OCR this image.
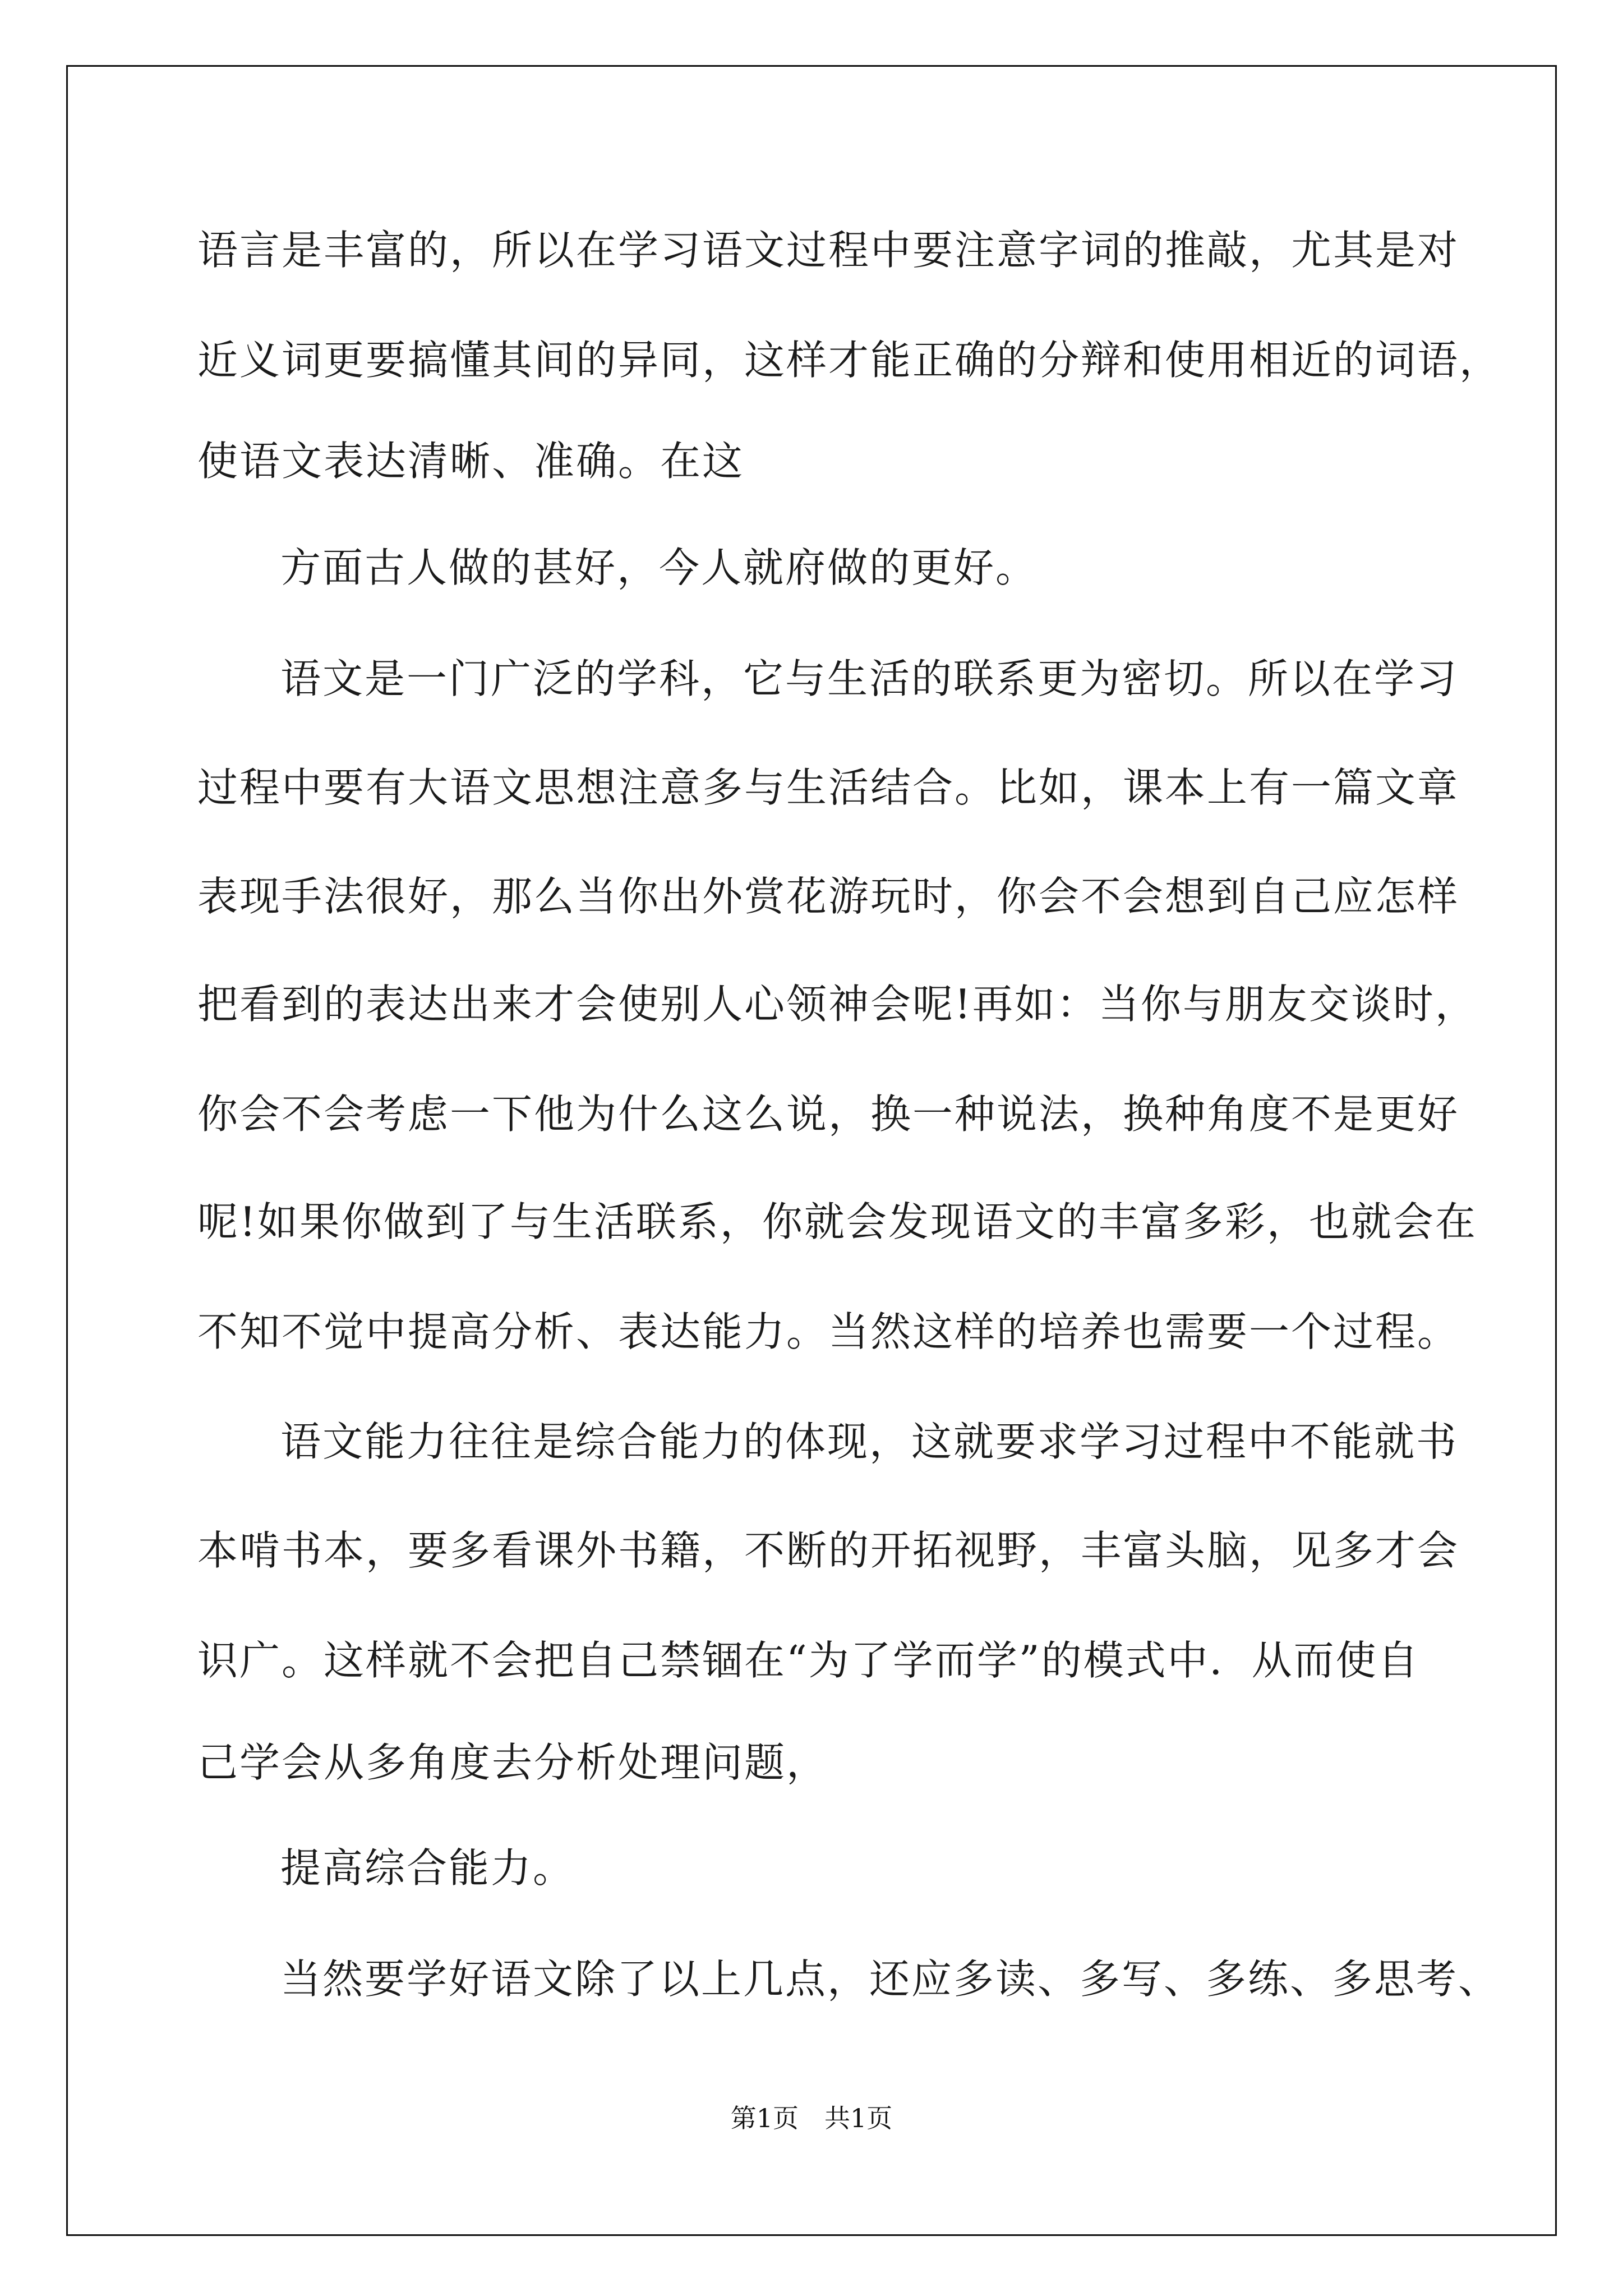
语言是丰富的，所以在学习语文过程中要注意字词的推敲，尤其是对
近义词更要搞懂其间的异同，这样才能正确的分辩和使用相近的词语，
使语文表达清晰、准确。在这
方面古人做的甚好，今人就府做的更好。
语文是一门广泛的学科，它与生活的联系更为密切。所以在学习
过程中要有大语文思想注意多与生活结合。比如，课本上有一篇文章
表现手法很好，那么当你出外赏花游玩时，你会不会想到自己应怎样
把看到的表达出来才会使别人心领神会呢!再如：当你与朋友交谈时，
你会不会考虑一下他为什么这么说，换一种说法，换种角度不是更好
呢!如果你做到了与生活联系，你就会发现语文的丰富多彩，也就会在
不知不觉中提高分析、表达能力。当然这样的培养也需要一个过程。
语文能力往往是综合能力的体现，这就要求学习过程中不能就书
本啃书本，要多看课外书籍，不断的开拓视野，丰富头脑，见多才会
识广。这样就不会把自己禁锢在“为了学而学”的模式中．从而使自
己学会从多角度去分析处理问题，
提高综合能力。
当然要学好语文除了以上几点，还应多读、多写、多练、多思考、
第1页　共1页
